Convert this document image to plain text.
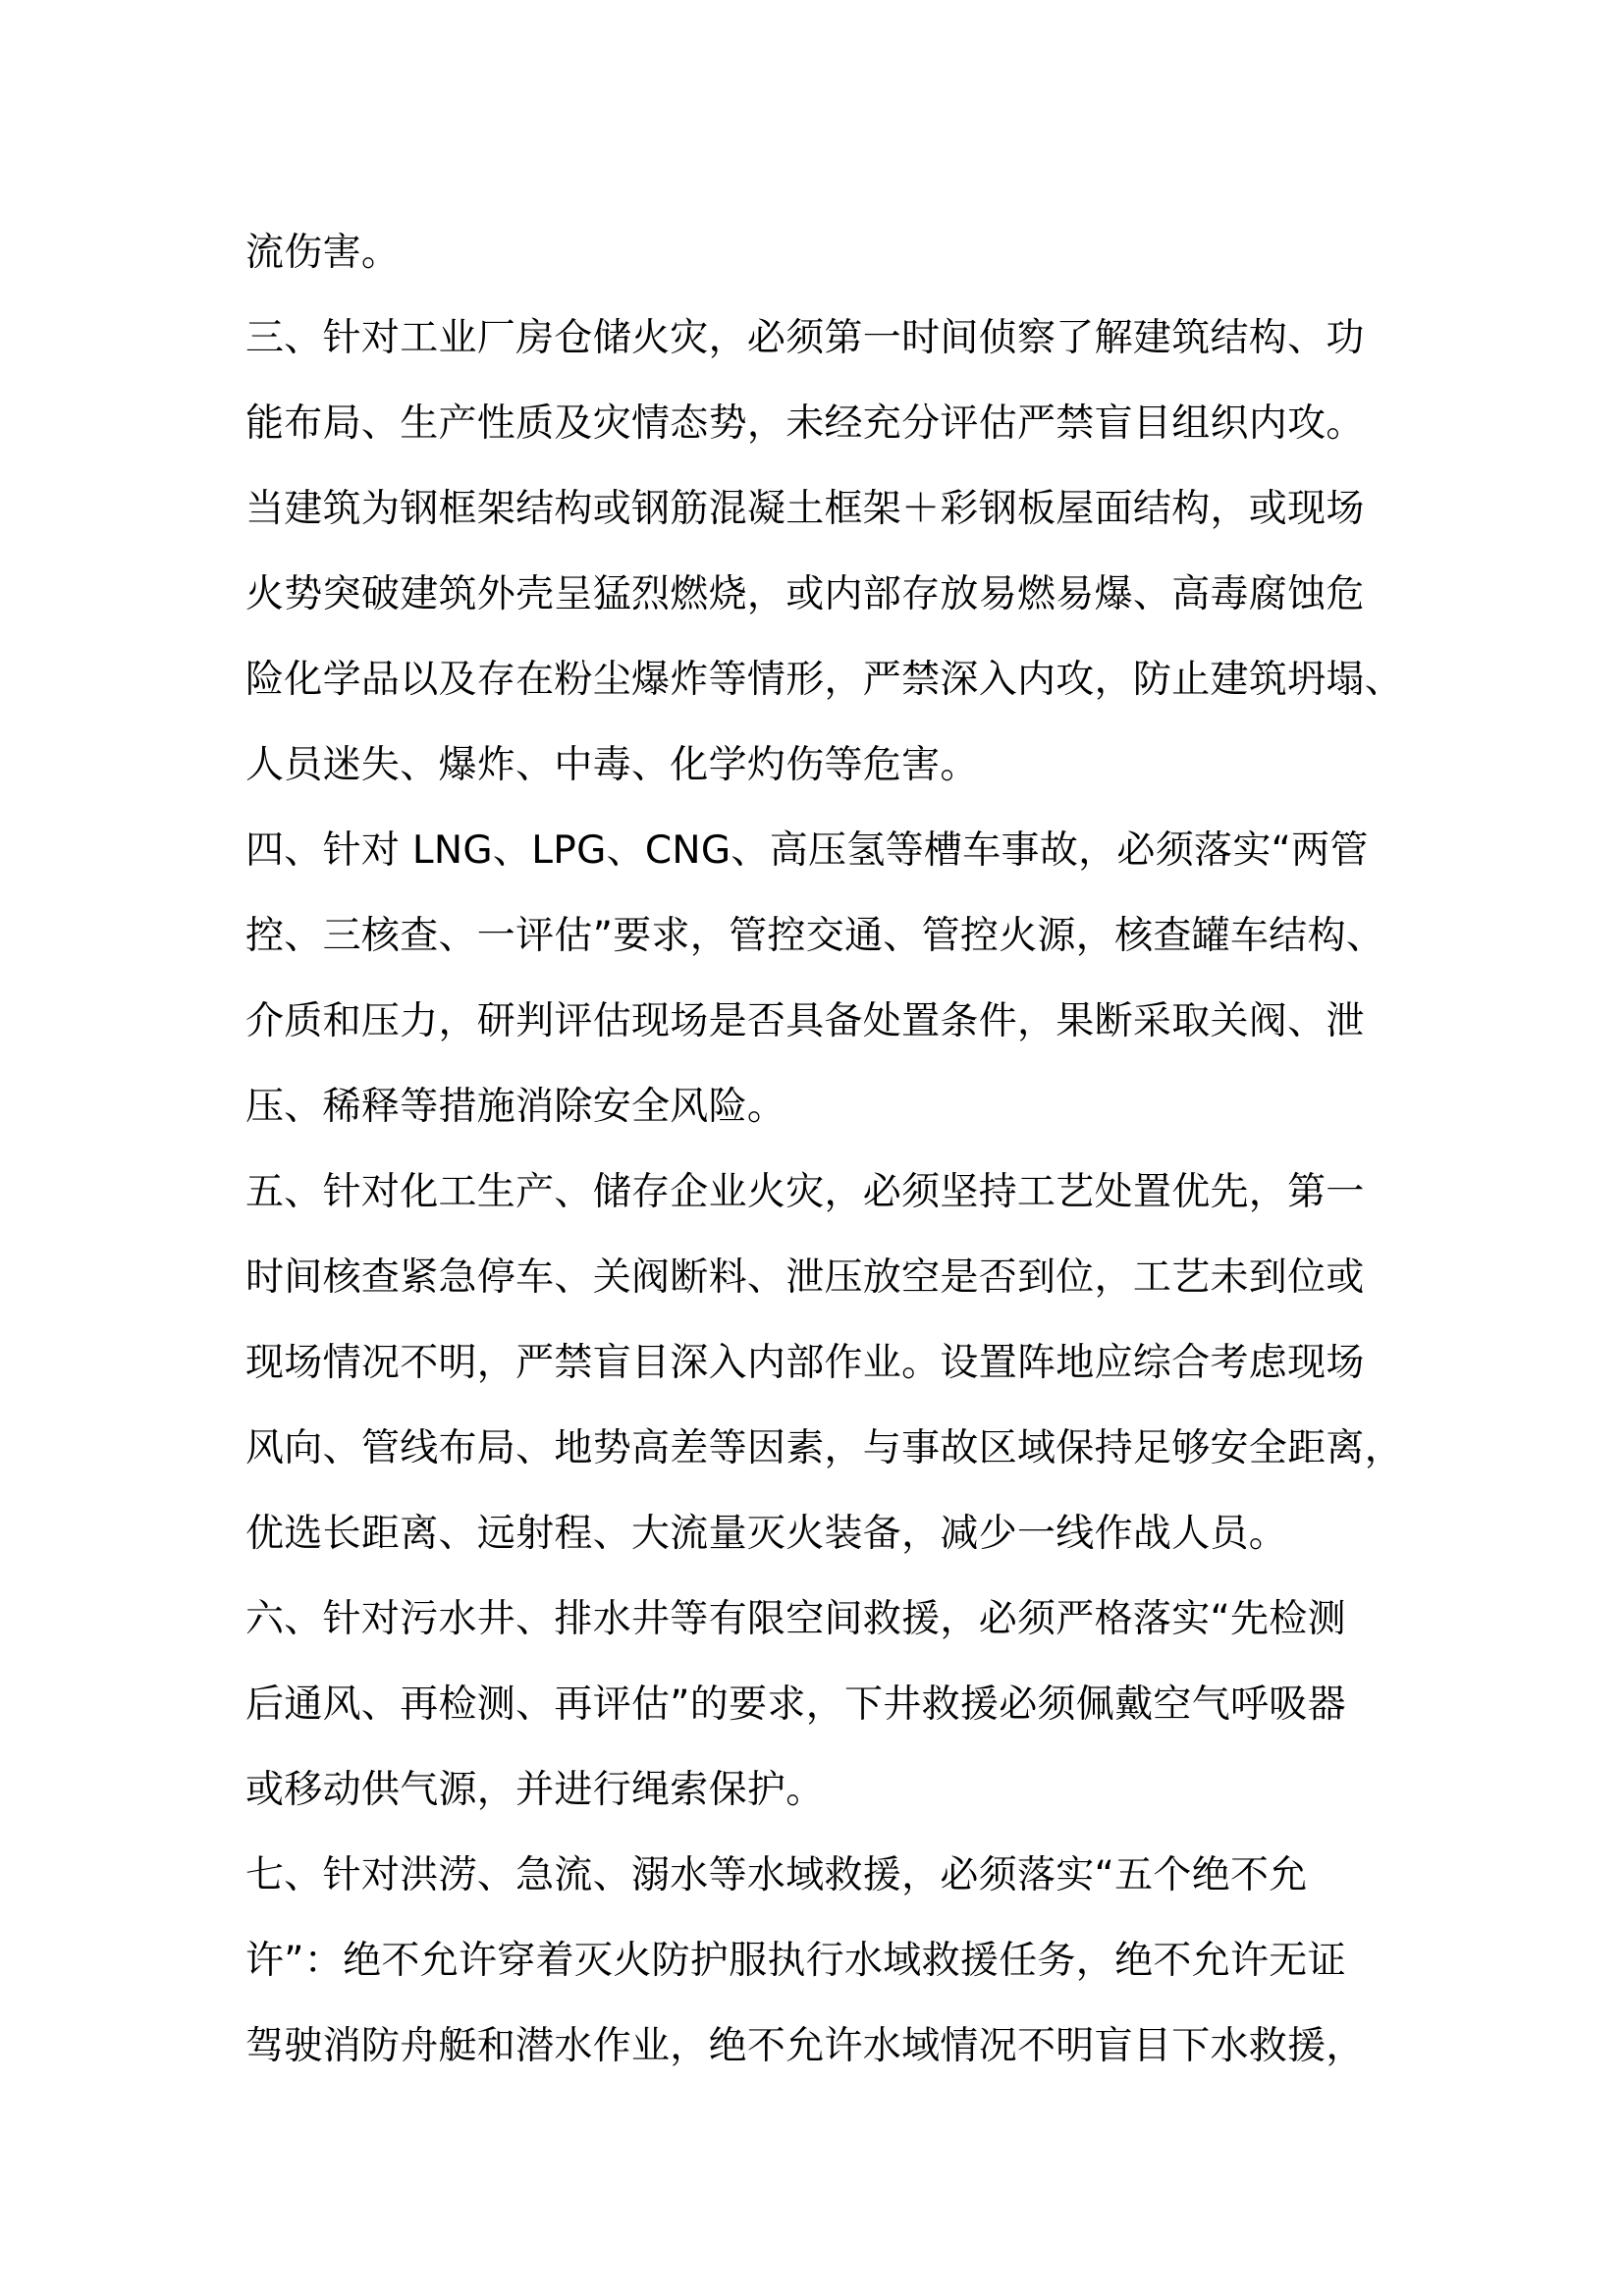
流伤害。
三、针对工业厂房仓储火灾，必须第一时间侦察了解建筑结构、功
能布局、生产性质及灾情态势，未经充分评估严禁盲目组织内攻。
当建筑为钢框架结构或钢筋混凝土框架＋彩钢板屋面结构，或现场
火势突破建筑外壳呈猛烈燃烧，或内部存放易燃易爆、高毒腐蚀危
险化学品以及存在粉尘爆炸等情形，严禁深入内攻，防止建筑坍塌、
人员迷失、爆炸、中毒、化学灼伤等危害。
四、针对 LNG、LPG、CNG、高压氢等槽车事故，必须落实“两管
控、三核查、一评估”要求，管控交通、管控火源，核查罐车结构、
介质和压力，研判评估现场是否具备处置条件，果断采取关阀、泄
压、稀释等措施消除安全风险。
五、针对化工生产、储存企业火灾，必须坚持工艺处置优先，第一
时间核查紧急停车、关阀断料、泄压放空是否到位，工艺未到位或
现场情况不明，严禁盲目深入内部作业。设置阵地应综合考虑现场
风向、管线布局、地势高差等因素，与事故区域保持足够安全距离，
优选长距离、远射程、大流量灭火装备，减少一线作战人员。
六、针对污水井、排水井等有限空间救援，必须严格落实“先检测
后通风、再检测、再评估”的要求，下井救援必须佩戴空气呼吸器
或移动供气源，并进行绳索保护。
七、针对洪涝、急流、溺水等水域救援，必须落实“五个绝不允
许”：绝不允许穿着灭火防护服执行水域救援任务，绝不允许无证
驾驶消防舟艇和潜水作业，绝不允许水域情况不明盲目下水救援，
